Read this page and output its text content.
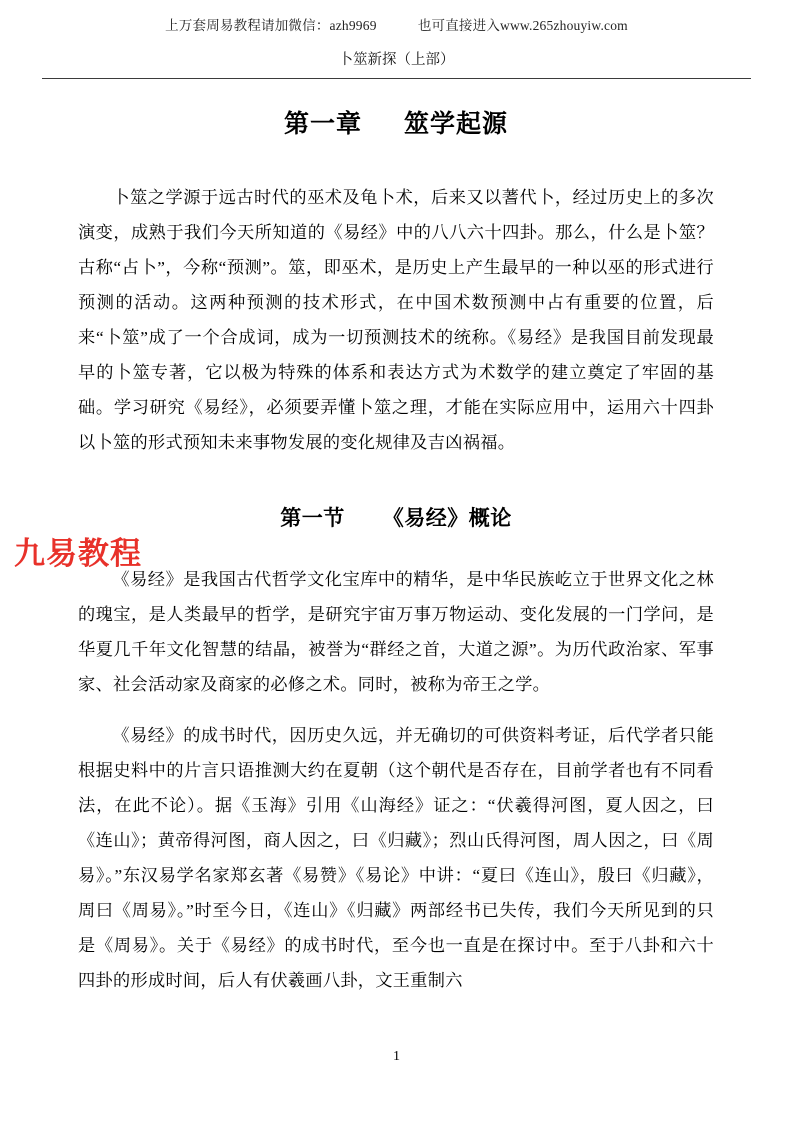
上万套周易教程请加微信：azh9969	也可直接进入www.265zhouyiw.com
卜筮新探（上部）
第一章 筮学起源

卜筮之学源于远古时代的巫术及龟卜术，后来又以蓍代卜，经过历史上的多次演变，成熟于我们今天所知道的《易经》中的八八六十四卦。那么，什么是卜筮？古称“占卜”，今称“预测”。筮，即巫术，是历史上产生最早的一种以巫的形式进行预测的活动。这两种预测的技术形式，在中国术数预测中占有重要的位置，后来“卜筮”成了一个合成词，成为一切预测技术的统称。《易经》是我国目前发现最早的卜筮专著，它以极为特殊的体系和表达方式为术数学的建立奠定了牢固的基础。学习研究《易经》，必须要弄懂卜筮之理，才能在实际应用中，运用六十四卦以卜筮的形式预知未来事物发展的变化规律及吉凶祸福。

第一节 《易经》概论

《易经》是我国古代哲学文化宝库中的精华，是中华民族屹立于世界文化之林的瑰宝，是人类最早的哲学，是研究宇宙万事万物运动、变化发展的一门学问，是华夏几千年文化智慧的结晶，被誉为“群经之首，大道之源”。为历代政治家、军事家、社会活动家及商家的必修之术。同时，被称为帝王之学。

《易经》的成书时代，因历史久远，并无确切的可供资料考证，后代学者只能根据史料中的片言只语推测大约在夏朝（这个朝代是否存在，目前学者也有不同看法，在此不论）。据《玉海》引用《山海经》证之：“伏羲得河图，夏人因之，曰《连山》；黄帝得河图，商人因之，曰《归藏》；烈山氏得河图，周人因之，曰《周易》。”东汉易学名家郑玄著《易赞》《易论》中讲：“夏曰《连山》，殷曰《归藏》，周曰《周易》。”时至今日，《连山》《归藏》两部经书已失传，我们今天所见到的只是《周易》。关于《易经》的成书时代，至今也一直是在探讨中。至于八卦和六十四卦的形成时间，后人有伏羲画八卦，文王重制六

九易教程
1
